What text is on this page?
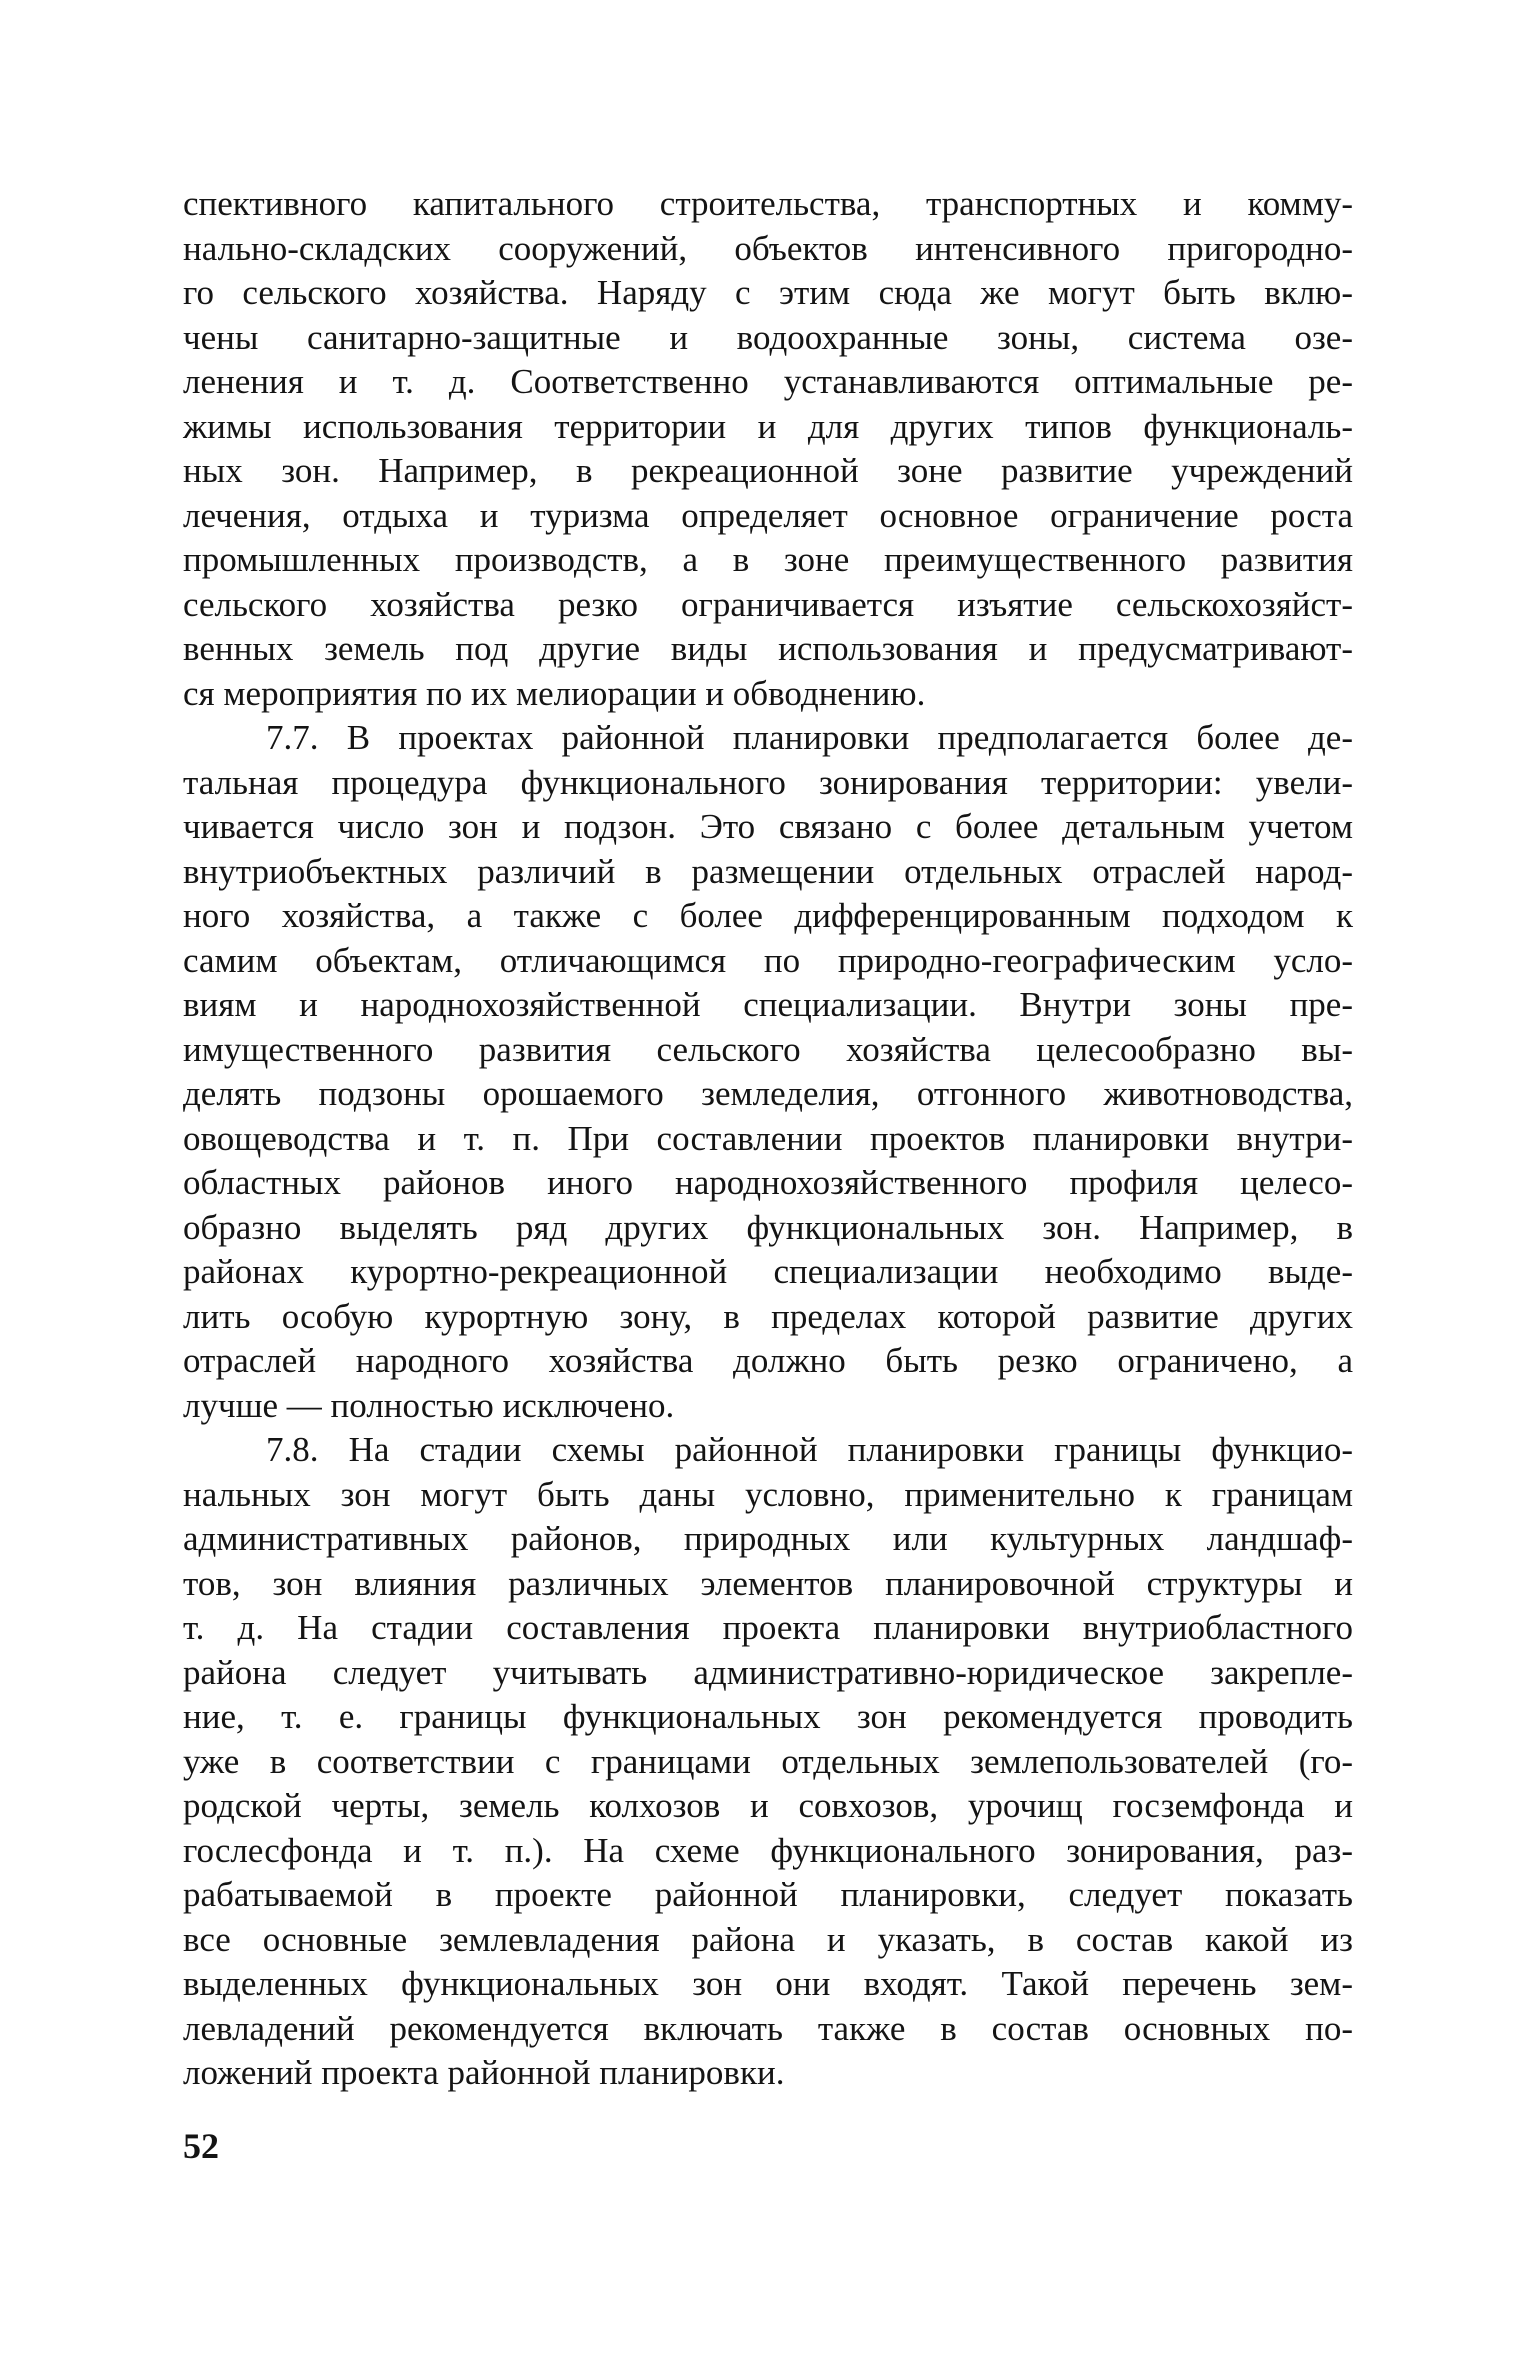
спективного капитального строительства, транспортных и комму-
нально-складских сооружений, объектов интенсивного пригородно-
го сельского хозяйства. Наряду с этим сюда же могут быть вклю-
чены санитарно-защитные и водоохранные зоны, система озе-
ленения и т. д. Соответственно устанавливаются оптимальные ре-
жимы использования территории и для других типов функциональ-
ных зон. Например, в рекреационной зоне развитие учреждений
лечения, отдыха и туризма определяет основное ограничение роста
промышленных производств, а в зоне преимущественного развития
сельского хозяйства резко ограничивается изъятие сельскохозяйст-
венных земель под другие виды использования и предусматривают-
ся мероприятия по их мелиорации и обводнению.
7.7. В проектах районной планировки предполагается более де-
тальная процедура функционального зонирования территории: увели-
чивается число зон и подзон. Это связано с более детальным учетом
внутриобъектных различий в размещении отдельных отраслей народ-
ного хозяйства, а также с более дифференцированным подходом к
самим объектам, отличающимся по природно-географическим усло-
виям и народнохозяйственной специализации. Внутри зоны пре-
имущественного развития сельского хозяйства целесообразно вы-
делять подзоны орошаемого земледелия, отгонного животноводства,
овощеводства и т. п. При составлении проектов планировки внутри-
областных районов иного народнохозяйственного профиля целесо-
образно выделять ряд других функциональных зон. Например, в
районах курортно-рекреационной специализации необходимо выде-
лить особую курортную зону, в пределах которой развитие других
отраслей народного хозяйства должно быть резко ограничено, а
лучше — полностью исключено.
7.8. На стадии схемы районной планировки границы функцио-
нальных зон могут быть даны условно, применительно к границам
административных районов, природных или культурных ландшаф-
тов, зон влияния различных элементов планировочной структуры и
т. д. На стадии составления проекта планировки внутриобластного
района следует учитывать административно-юридическое закрепле-
ние, т. е. границы функциональных зон рекомендуется проводить
уже в соответствии с границами отдельных землепользователей (го-
родской черты, земель колхозов и совхозов, урочищ госземфонда и
гослесфонда и т. п.). На схеме функционального зонирования, раз-
рабатываемой в проекте районной планировки, следует показать
все основные землевладения района и указать, в состав какой из
выделенных функциональных зон они входят. Такой перечень зем-
левладений рекомендуется включать также в состав основных по-
ложений проекта районной планировки.
52
